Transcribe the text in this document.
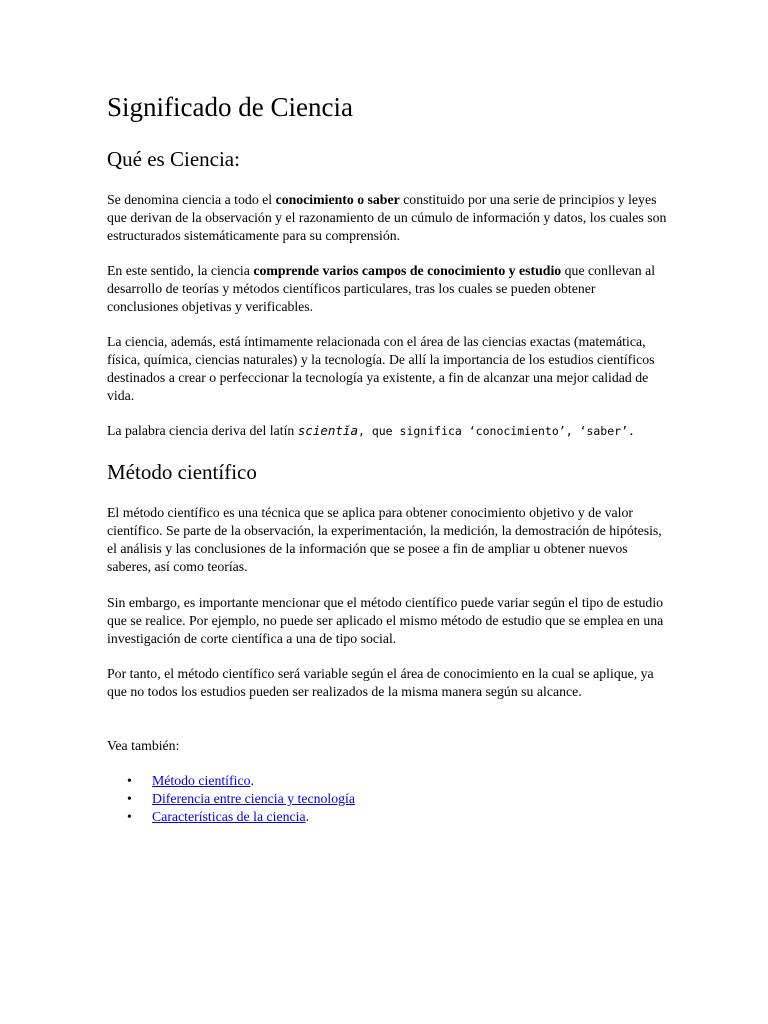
Significado de Ciencia
Qué es Ciencia:

Se denomina ciencia a todo el conocimiento o saber constituido por una serie de principios y leyes que derivan de la observación y el razonamiento de un cúmulo de información y datos, los cuales son estructurados sistemáticamente para su comprensión.

En este sentido, la ciencia comprende varios campos de conocimiento y estudio que conllevan al desarrollo de teorías y métodos científicos particulares, tras los cuales se pueden obtener conclusiones objetivas y verificables.

La ciencia, además, está íntimamente relacionada con el área de las ciencias exactas (matemática, física, química, ciencias naturales) y la tecnología. De allí la importancia de los estudios científicos destinados a crear o perfeccionar la tecnología ya existente, a fin de alcanzar una mejor calidad de vida.

La palabra ciencia deriva del latín scientĭa, que significa ‘conocimiento’, ‘saber’.

Método científico

El método científico es una técnica que se aplica para obtener conocimiento objetivo y de valor científico. Se parte de la observación, la experimentación, la medición, la demostración de hipótesis, el análisis y las conclusiones de la información que se posee a fin de ampliar u obtener nuevos saberes, así como teorías.

Sin embargo, es importante mencionar que el método científico puede variar según el tipo de estudio que se realice. Por ejemplo, no puede ser aplicado el mismo método de estudio que se emplea en una investigación de corte científica a una de tipo social.

Por tanto, el método científico será variable según el área de conocimiento en la cual se aplique, ya que no todos los estudios pueden ser realizados de la misma manera según su alcance.

Vea también:

• Método científico.
• Diferencia entre ciencia y tecnología
• Características de la ciencia.
